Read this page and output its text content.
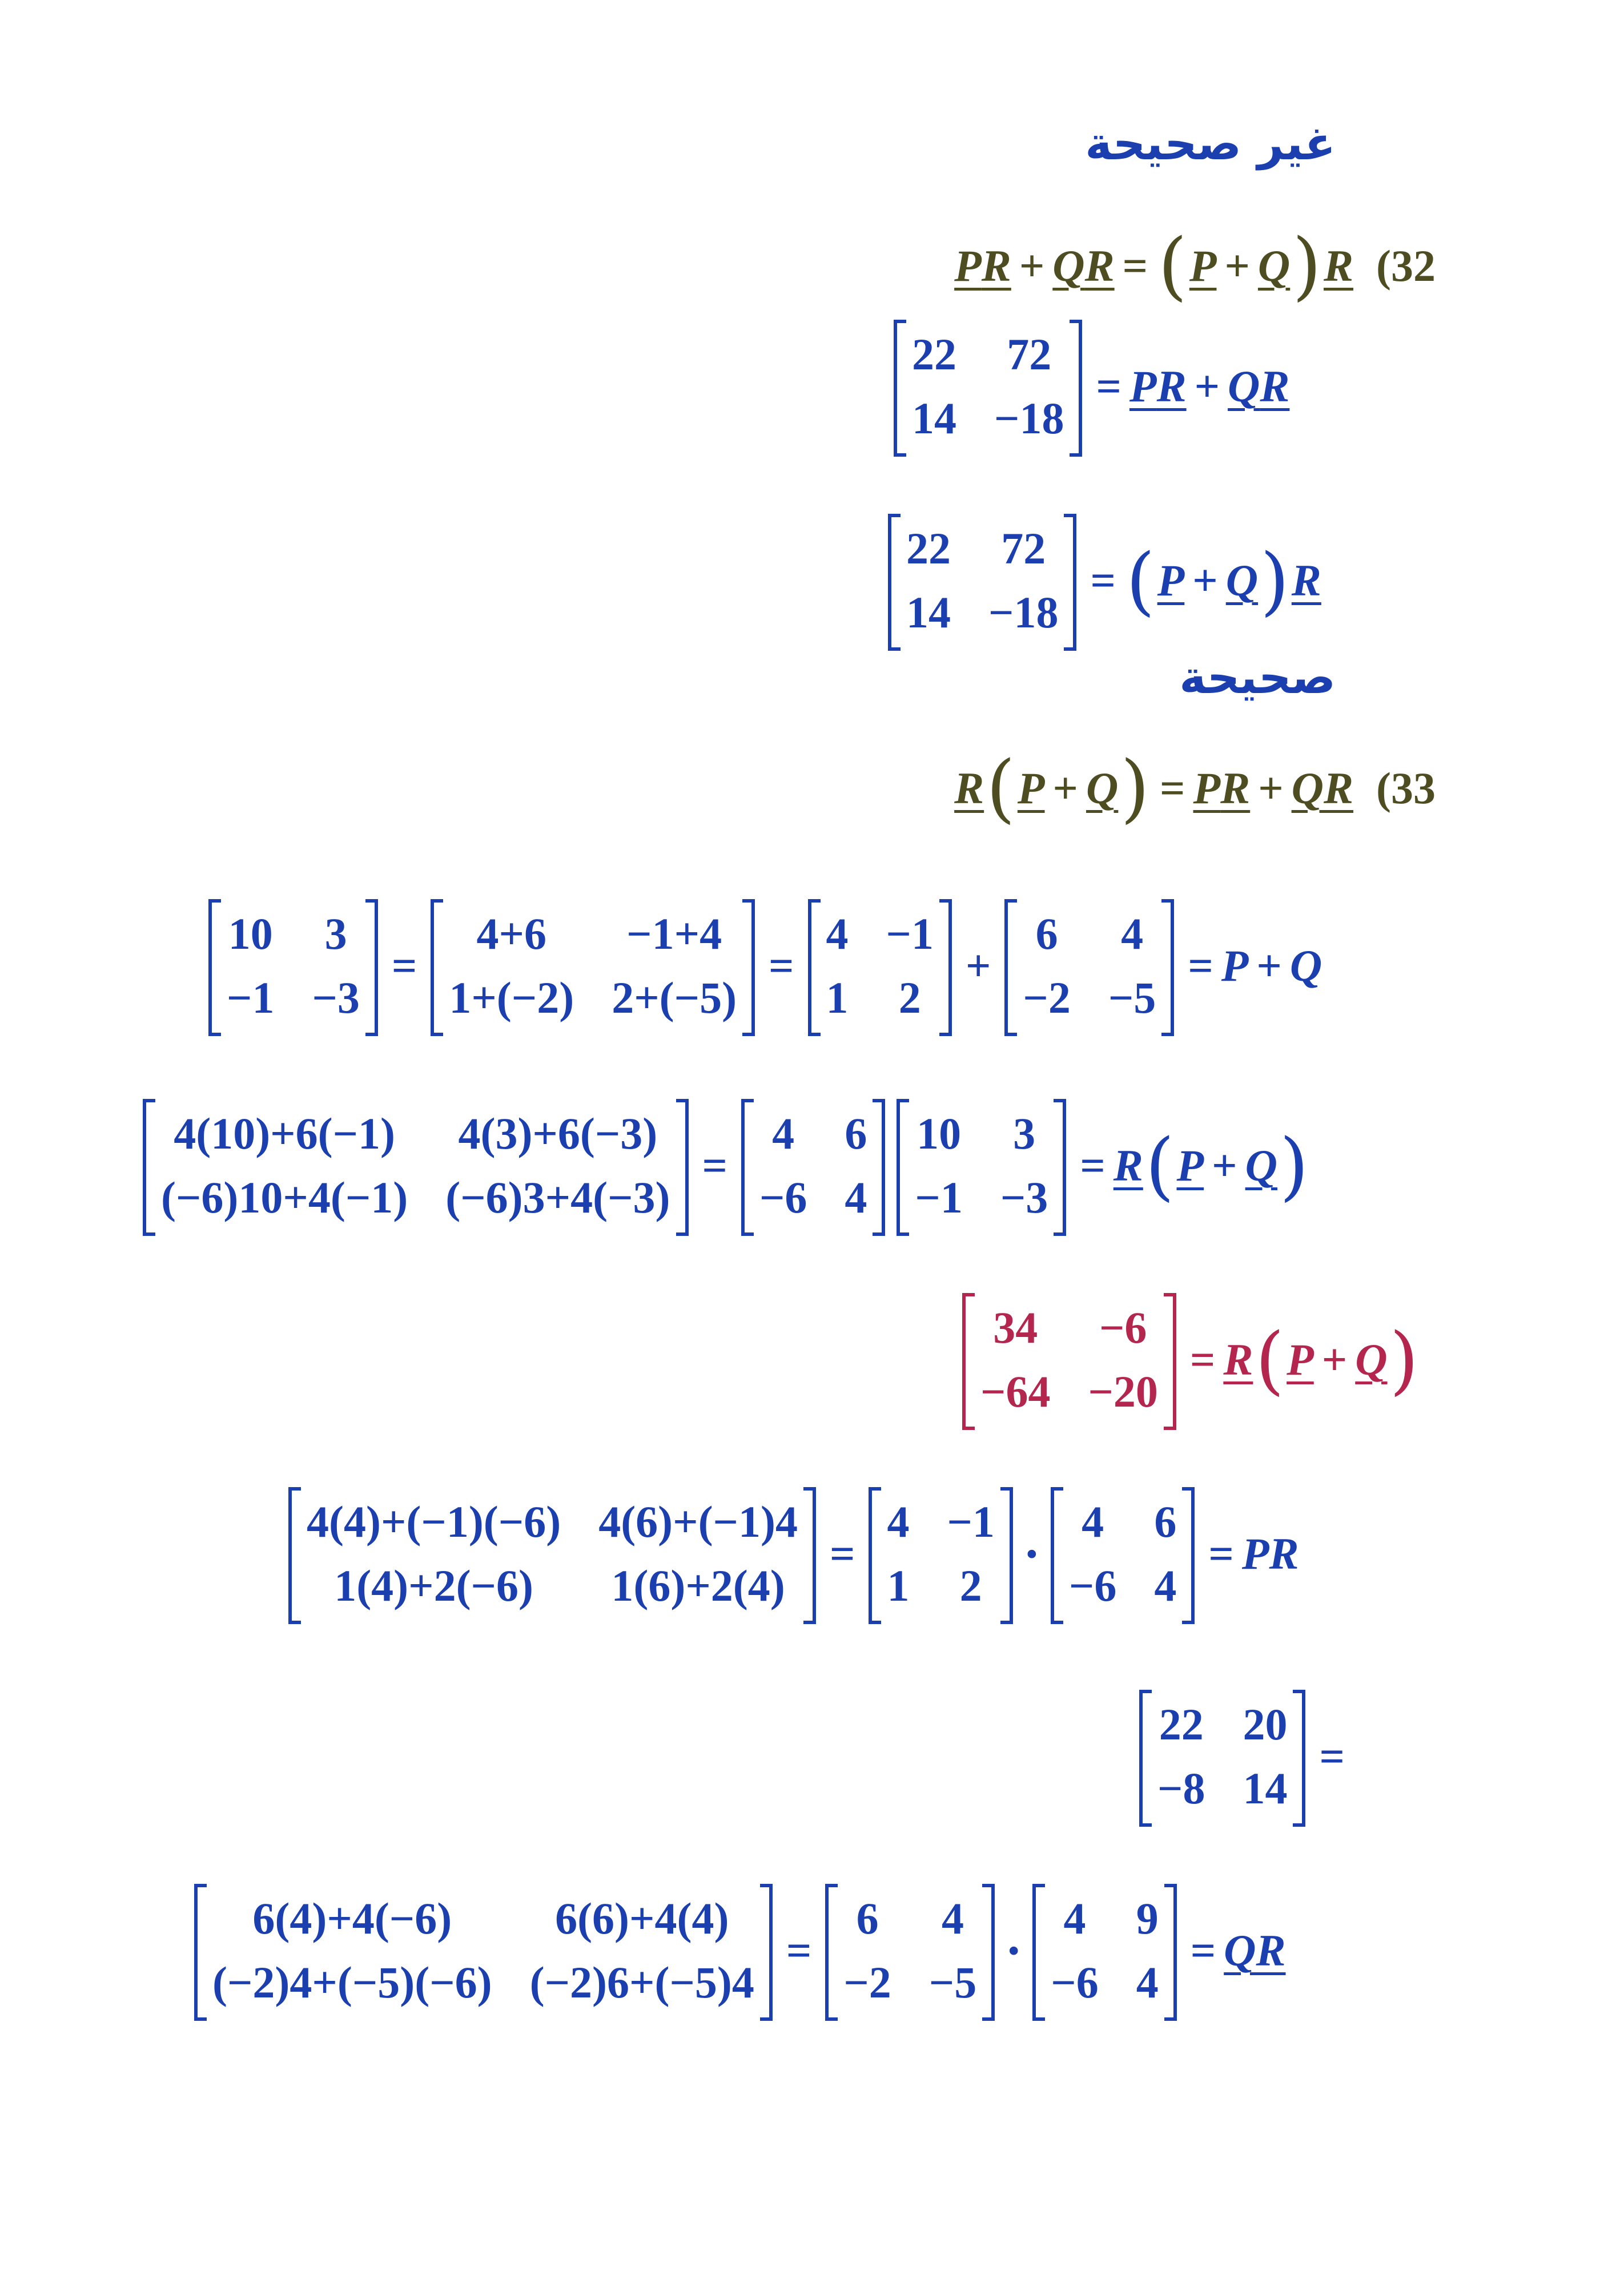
غير صحيحة
P R + Q R = ( P + Q ) R (32
22 72
14 −18
= P R + Q R
22 72
14 −18
= ( P + Q ) R
صحيحة
R ( P + Q ) = P R + Q R (33
10 3
−1 −3
=
4+6	−1+4
1+(−2) 2+(−5)
=
4 −1
1 2
+
6 4
−2 −5
= P + Q
4(10)+6(−1) 4(3)+6(−3)
(−6)10+4(−1) (−6)3+4(−3)
=
4 6
−6 4
10 3
−1 −3
= R ( P + Q )
34 −6
−64 −20
= R ( P + Q )
4(4)+(−1)(−6) 4(6)+(−1)4
1(4)+2(−6)	1(6)+2(4)
=
4 −1
1 2
·
4 6
−6 4
= PR
22 20
−8 14
=
6(4)+4(−6)	6(6)+4(4)
(−2)4+(−5)(−6) (−2)6+(−5)4
=
6 4
−2 −5
·
4 9
−6 4
= QR
